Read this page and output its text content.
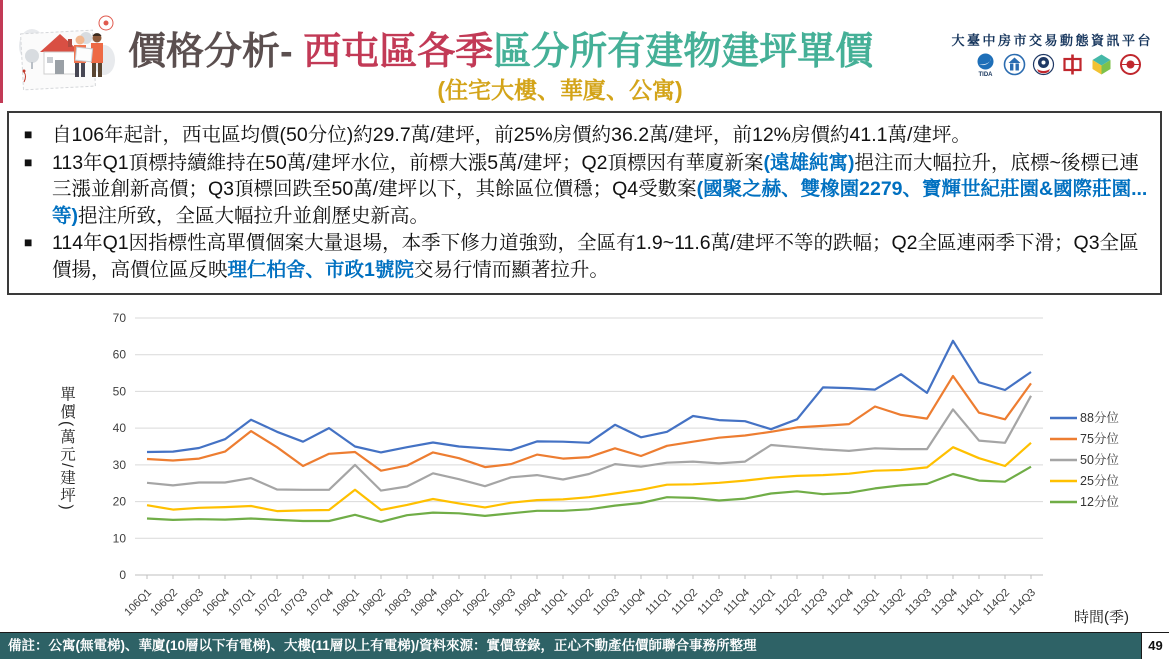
價格分析- 西屯區各季區分所有建物建坪單價
(住宅大樓、華廈、公寓)
大臺中房市交易動態資訊平台
TIDA
■ 自106年起計，西屯區均價(50分位)約29.7萬/建坪，前25%房價約36.2萬/建坪，前12%房價約41.1萬/建坪。
■ 113年Q1頂標持續維持在50萬/建坪水位，前標大漲5萬/建坪；Q2頂標因有華廈新案(遠雄純寓)挹注而大幅拉升，底標~後標已連三漲並創新高價；Q3頂標回跌至50萬/建坪以下，其餘區位價穩；Q4受數案(國聚之赫、雙橡園2279、寶輝世紀莊園&國際莊園...等)挹注所致，全區大幅拉升並創歷史新高。
■ 114年Q1因指標性高單價個案大量退場，本季下修力道強勁，全區有1.9~11.6萬/建坪不等的跌幅；Q2全區連兩季下滑；Q3全區價揚，高價位區反映理仁柏舍、市政1號院交易行情而顯著拉升。
0
10
20
30
40
50
60
70
106Q1
106Q2
106Q3
106Q4
107Q1
107Q2
107Q3
107Q4
108Q1
108Q2
108Q3
108Q4
109Q1
109Q2
109Q3
109Q4
110Q1
110Q2
110Q3
110Q4
111Q1
111Q2
111Q3
111Q4
112Q1
112Q2
112Q3
112Q4
113Q1
113Q2
113Q3
113Q4
114Q1
114Q2
114Q3
88分位
75分位
50分位
25分位
12分位
單價(萬元/建坪)
時間(季)
備註：公寓(無電梯)、華廈(10層以下有電梯)、大樓(11層以上有電梯)/資料來源：實價登錄，正心不動產估價師聯合事務所整理	49
